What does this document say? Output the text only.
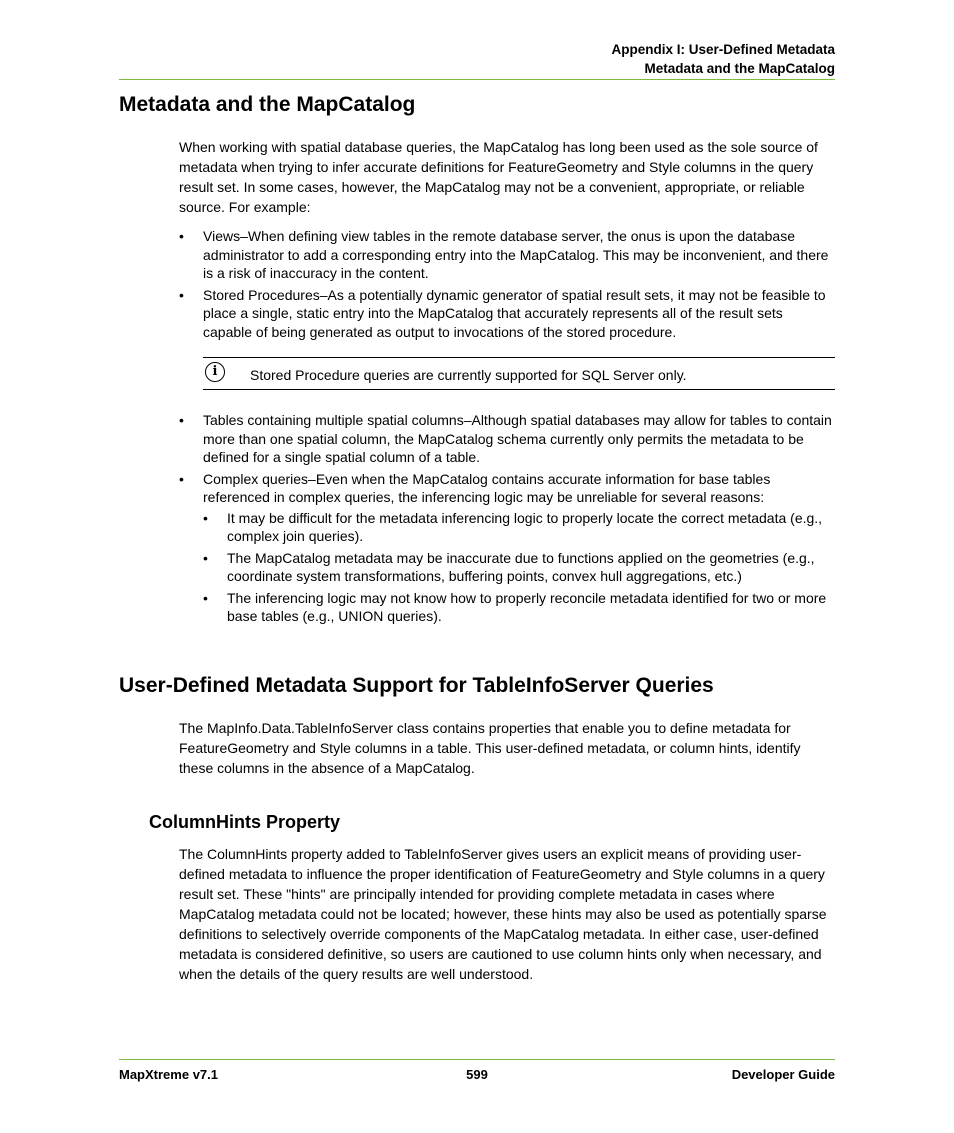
Appendix I: User-Defined Metadata
Metadata and the MapCatalog
Metadata and the MapCatalog

When working with spatial database queries, the MapCatalog has long been used as the sole source of metadata when trying to infer accurate definitions for FeatureGeometry and Style columns in the query result set. In some cases, however, the MapCatalog may not be a convenient, appropriate, or reliable source. For example:

• Views–When defining view tables in the remote database server, the onus is upon the database administrator to add a corresponding entry into the MapCatalog. This may be inconvenient, and there is a risk of inaccuracy in the content.
• Stored Procedures–As a potentially dynamic generator of spatial result sets, it may not be feasible to place a single, static entry into the MapCatalog that accurately represents all of the result sets capable of being generated as output to invocations of the stored procedure.
i	Stored Procedure queries are currently supported for SQL Server only.
• Tables containing multiple spatial columns–Although spatial databases may allow for tables to contain more than one spatial column, the MapCatalog schema currently only permits the metadata to be defined for a single spatial column of a table.
• Complex queries–Even when the MapCatalog contains accurate information for base tables referenced in complex queries, the inferencing logic may be unreliable for several reasons:
• It may be difficult for the metadata inferencing logic to properly locate the correct metadata (e.g., complex join queries).
• The MapCatalog metadata may be inaccurate due to functions applied on the geometries (e.g., coordinate system transformations, buffering points, convex hull aggregations, etc.)
• The inferencing logic may not know how to properly reconcile metadata identified for two or more base tables (e.g., UNION queries).
User-Defined Metadata Support for TableInfoServer Queries

The MapInfo.Data.TableInfoServer class contains properties that enable you to define metadata for FeatureGeometry and Style columns in a table. This user-defined metadata, or column hints, identify these columns in the absence of a MapCatalog.

ColumnHints Property

The ColumnHints property added to TableInfoServer gives users an explicit means of providing user-defined metadata to influence the proper identification of FeatureGeometry and Style columns in a query result set. These "hints" are principally intended for providing complete metadata in cases where MapCatalog metadata could not be located; however, these hints may also be used as potentially sparse definitions to selectively override components of the MapCatalog metadata. In either case, user-defined metadata is considered definitive, so users are cautioned to use column hints only when necessary, and when the details of the query results are well understood.

MapXtreme v7.1	599	Developer Guide
